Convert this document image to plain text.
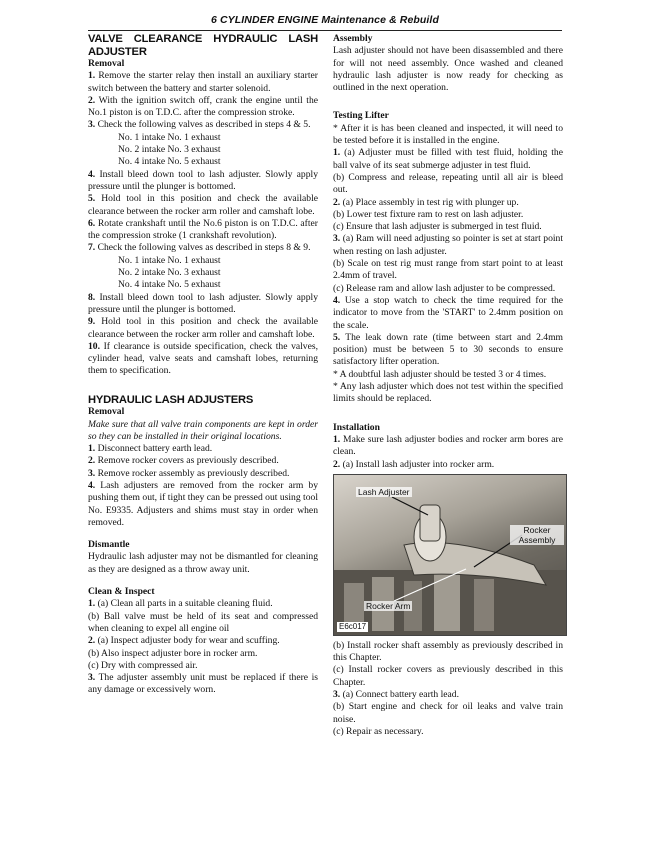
6 CYLINDER ENGINE Maintenance & Rebuild

VALVE CLEARANCE HYDRAULIC LASH ADJUSTER

Removal

1. Remove the starter relay then install an auxiliary starter switch between the battery and starter solenoid.

2. With the ignition switch off, crank the engine until the No.1 piston is on T.D.C. after the compression stroke.

3. Check the following valves as described in steps 4 & 5.

No. 1 intake No. 1 exhaust

No. 2 intake No. 3 exhaust

No. 4 intake No. 5 exhaust

4. Install bleed down tool to lash adjuster. Slowly apply pressure until the plunger is bottomed.

5. Hold tool in this position and check the available clearance between the rocker arm roller and camshaft lobe.

6. Rotate crankshaft until the No.6 piston is on T.D.C. after the compression stroke (1 crankshaft revolution).

7. Check the following valves as described in steps 8 & 9.

No. 1 intake No. 1 exhaust

No. 2 intake No. 3 exhaust

No. 4 intake No. 5 exhaust

8. Install bleed down tool to lash adjuster. Slowly apply pressure until the plunger is bottomed.

9. Hold tool in this position and check the available clearance between the rocker arm roller and camshaft lobe.

10. If clearance is outside specification, check the valves, cylinder head, valve seats and camshaft lobes, returning them to specification.

HYDRAULIC LASH ADJUSTERS

Removal

Make sure that all valve train components are kept in order so they can be installed in their original locations.

1. Disconnect battery earth lead.

2. Remove rocker covers as previously described.

3. Remove rocker assembly as previously described.

4. Lash adjusters are removed from the rocker arm by pushing them out, if tight they can be pressed out using tool No. E9335. Adjusters and shims must stay in order when removed.

Dismantle

Hydraulic lash adjuster may not be dismantled for cleaning as they are designed as a throw away unit.

Clean & Inspect

1. (a) Clean all parts in a suitable cleaning fluid.

(b) Ball valve must be held of its seat and compressed when cleaning to expel all engine oil

2. (a) Inspect adjuster body for wear and scuffing.

(b) Also inspect adjuster bore in rocker arm.

(c) Dry with compressed air.

3. The adjuster assembly unit must be replaced if there is any damage or excessively worn.

Assembly

Lash adjuster should not have been disassembled and there for will not need assembly. Once washed and cleaned hydraulic lash adjuster is now ready for checking as outlined in the next operation.

Testing Lifter

* After it is has been cleaned and inspected, it will need to be tested before it is installed in the engine.

1. (a) Adjuster must be filled with test fluid, holding the ball valve of its seat submerge adjuster in test fluid.

(b) Compress and release, repeating until all air is bleed out.

2. (a) Place assembly in test rig with plunger up.

(b) Lower test fixture ram to rest on lash adjuster.

(c) Ensure that lash adjuster is submerged in test fluid.

3. (a) Ram will need adjusting so pointer is set at start point when resting on lash adjuster.

(b) Scale on test rig must range from start point to at least 2.4mm of travel.

(c) Release ram and allow lash adjuster to be compressed.

4. Use a stop watch to check the time required for the indicator to move from the 'START' to 2.4mm position on the scale.

5. The leak down rate (time between start and 2.4mm position) must be between 5 to 30 seconds to ensure satisfactory lifter operation.

* A doubtful lash adjuster should be tested 3 or 4 times.

* Any lash adjuster which does not test within the specified limits should be replaced.

Installation

1. Make sure lash adjuster bodies and rocker arm bores are clean.

2. (a) Install lash adjuster into rocker arm.

Lash Adjuster
Rocker Assembly
Rocker Arm
E6c017

(b) Install rocker shaft assembly as previously described in this Chapter.

(c) Install rocker covers as previously described in this Chapter.

3. (a) Connect battery earth lead.

(b) Start engine and check for oil leaks and valve train noise.

(c) Repair as necessary.
